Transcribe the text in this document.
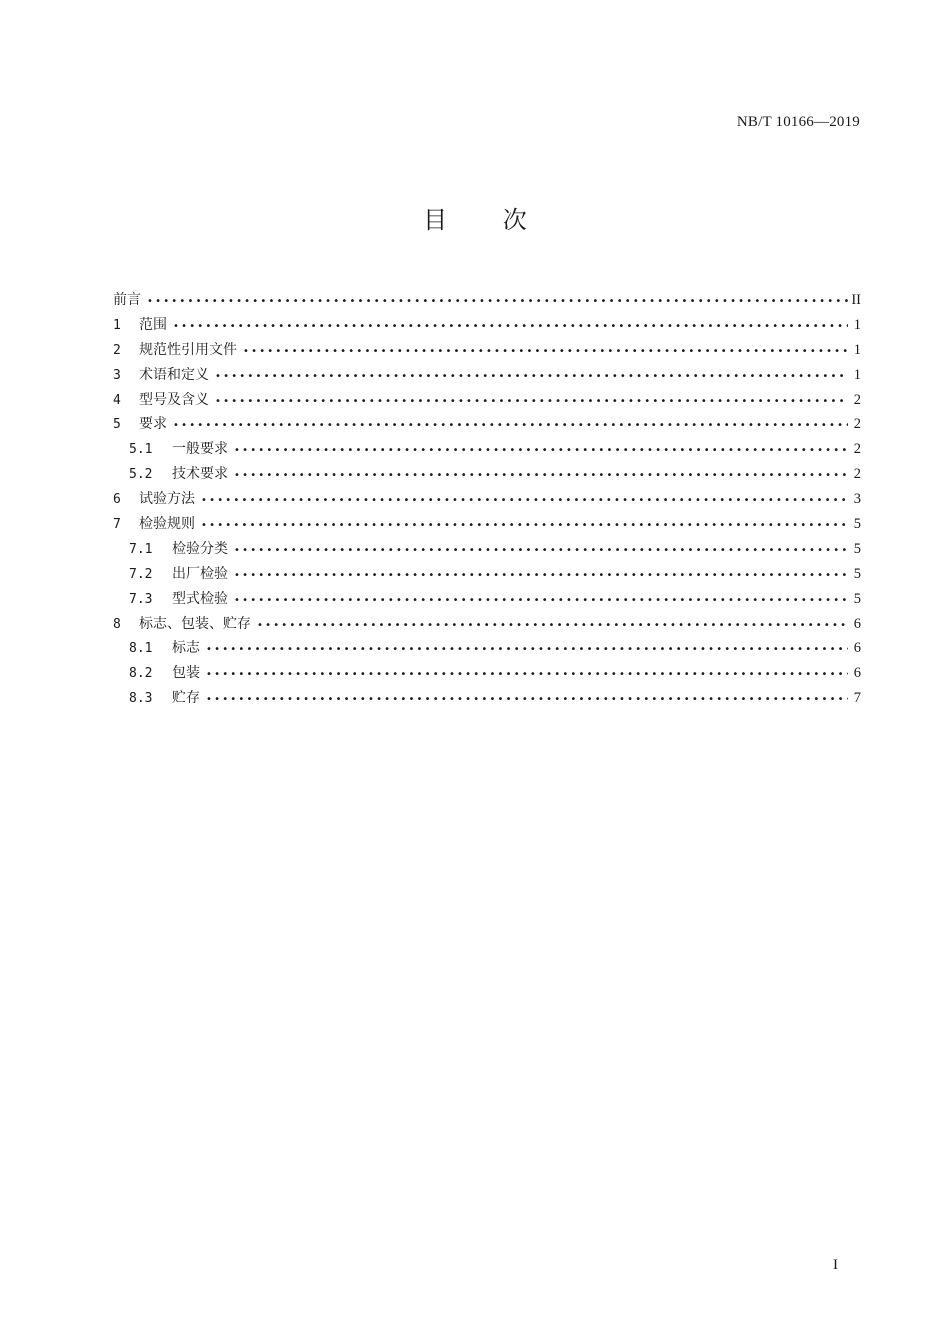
NB/T 10166—2019
目 次
前言 •••••	II
1	范围 •••••	1
2	规范性引用文件 •••••	1
3	术语和定义 •••••	1
4	型号及含义 •••••	2
5	要求 •••••	2
5.1	一般要求 •••••	2
5.2	技术要求 •••••	2
6	试验方法 •••••	3
7	检验规则 •••••	5
7.1	检验分类 •••••	5
7.2	出厂检验 •••••	5
7.3	型式检验 •••••	5
8	标志、包装、贮存 •••••	6
8.1	标志 •••••	6
8.2	包装 •••••	6
8.3	贮存 •••••	7
I
